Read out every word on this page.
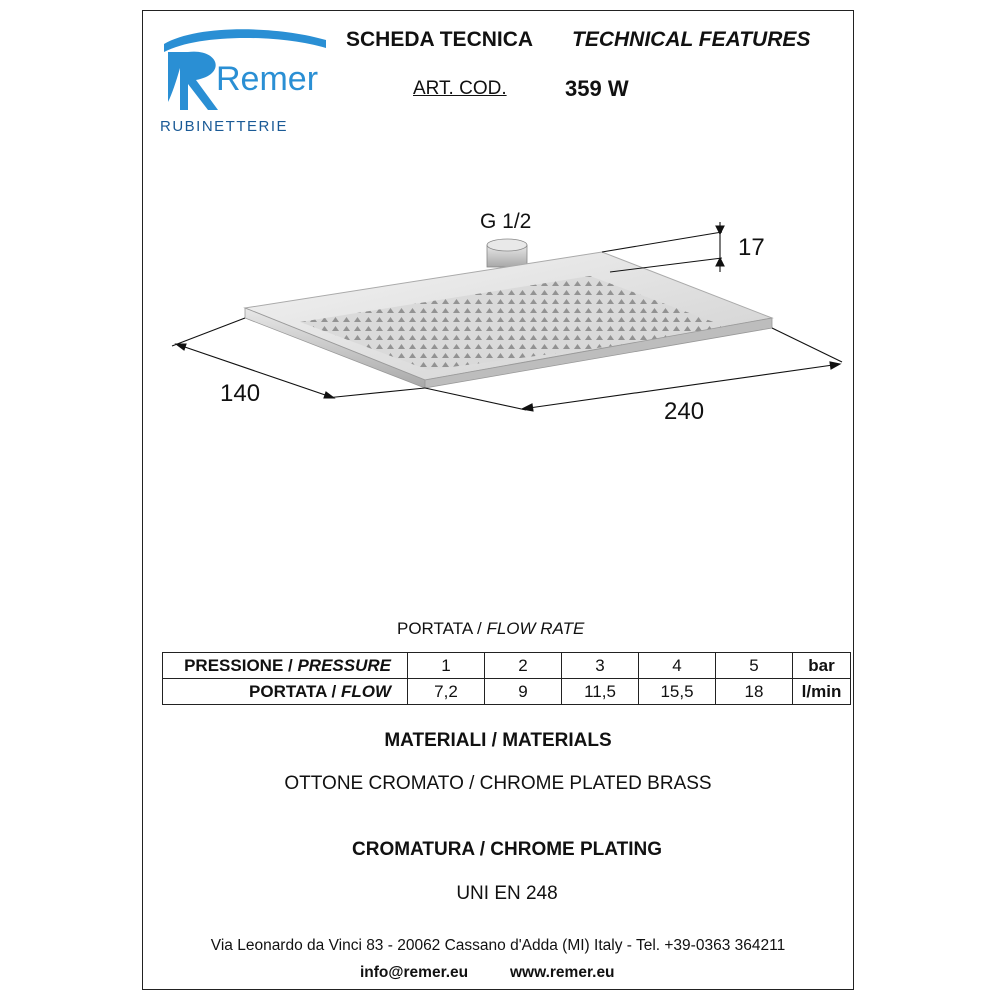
Remer
RUBINETTERIE
SCHEDA TECNICA TECHNICAL FEATURES
ART. COD.	359 W
G 1/2
17
140
240
PORTATA / FLOW RATE
PRESSIONE / PRESSURE	1	2	3	4	5	bar
PORTATA / FLOW	7,2	9	11,5	15,5	18	l/min
MATERIALI / MATERIALS
OTTONE CROMATO / CHROME PLATED BRASS
CROMATURA / CHROME PLATING
UNI EN 248
Via Leonardo da Vinci 83 - 20062 Cassano d'Adda (MI) Italy - Tel. +39-0363 364211
info@remer.eu	www.remer.eu
